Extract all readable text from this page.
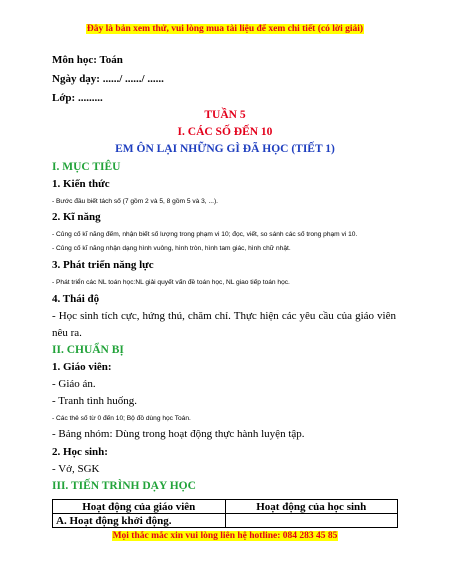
Đây là bản xem thử, vui lòng mua tài liệu để xem chi tiết (có lời giải)
Môn học: Toán
Ngày dạy: ....../ ....../ ......
Lớp: .........
TUẦN 5
I. CÁC SỐ ĐẾN 10
EM ÔN LẠI NHỮNG GÌ ĐÃ HỌC (TIẾT 1)
I. MỤC TIÊU
1. Kiến thức
- Bước đầu biết tách số (7 gồm 2 và 5, 8 gồm 5 và 3, ...).
2. Kĩ năng
- Củng cố kĩ năng đếm, nhận biết số lượng trong phạm vi 10; đọc, viết, so sánh các số trong phạm vi 10.
- Củng cố kĩ năng nhận dạng hình vuông, hình tròn, hình tam giác, hình chữ nhật.
3. Phát triển năng lực
- Phát triển các NL toán học:NL giải quyết vấn đề toán học, NL giao tiếp toán học.
4. Thái độ
- Học sinh tích cực, hứng thú, chăm chỉ. Thực hiện các yêu cầu của giáo viên
nêu ra.
II. CHUẨN BỊ
1. Giáo viên:
- Giáo án.
- Tranh tình huống.
- Các thẻ số từ 0 đến 10; Bộ đồ dùng học Toán.
- Bảng nhóm: Dùng trong hoạt động thực hành luyện tập.
2. Học sinh:
- Vở, SGK
III. TIẾN TRÌNH DẠY HỌC
Hoạt động của giáo viên	Hoạt động của học sinh
A. Hoạt động khởi động.	
Mọi thắc mắc xin vui lòng liên hệ hotline: 084 283 45 85
